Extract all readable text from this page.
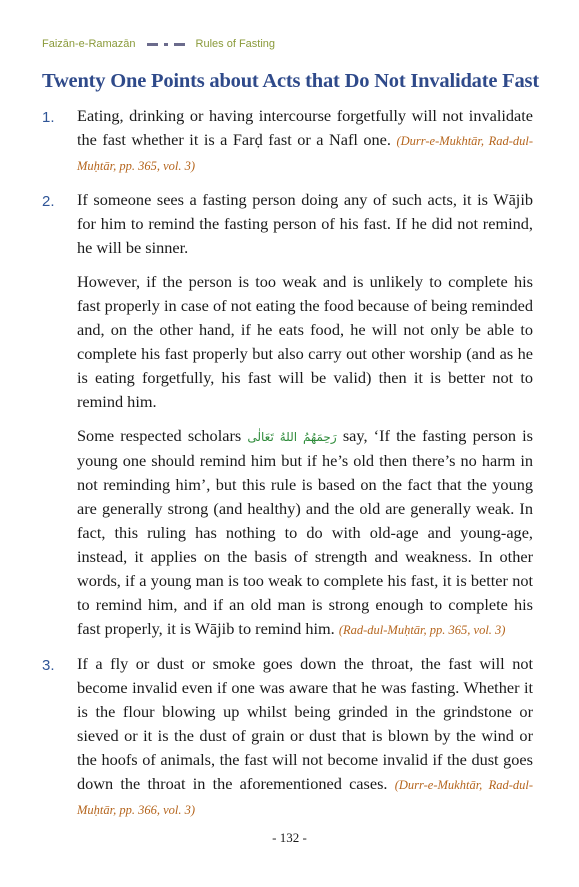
Faizān-e-Ramazān	Rules of Fasting
Twenty One Points about Acts that Do Not Invalidate Fast
1. Eating, drinking or having intercourse forgetfully will not invalidate the fast whether it is a Farḍ fast or a Nafl one. (Durr-e-Mukhtār, Rad-dul-Muḥtār, pp. 365, vol. 3)

2. If someone sees a fasting person doing any of such acts, it is Wājib for him to remind the fasting person of his fast. If he did not remind, he will be sinner.

However, if the person is too weak and is unlikely to complete his fast properly in case of not eating the food because of being reminded and, on the other hand, if he eats food, he will not only be able to complete his fast properly but also carry out other worship (and as he is eating forgetfully, his fast will be valid) then it is better not to remind him.

Some respected scholars رَحِمَهُمُ اللهُ تَعَالٰی say, ‘If the fasting person is young one should remind him but if he’s old then there’s no harm in not reminding him’, but this rule is based on the fact that the young are generally strong (and healthy) and the old are generally weak. In fact, this ruling has nothing to do with old-age and young-age, instead, it applies on the basis of strength and weakness. In other words, if a young man is too weak to complete his fast, it is better not to remind him, and if an old man is strong enough to complete his fast properly, it is Wājib to remind him. (Rad-dul-Muḥtār, pp. 365, vol. 3)

3. If a fly or dust or smoke goes down the throat, the fast will not become invalid even if one was aware that he was fasting. Whether it is the flour blowing up whilst being grinded in the grindstone or sieved or it is the dust of grain or dust that is blown by the wind or the hoofs of animals, the fast will not become invalid if the dust goes down the throat in the aforementioned cases. (Durr-e-Mukhtār, Rad-dul-Muḥtār, pp. 366, vol. 3)

- 132 -
